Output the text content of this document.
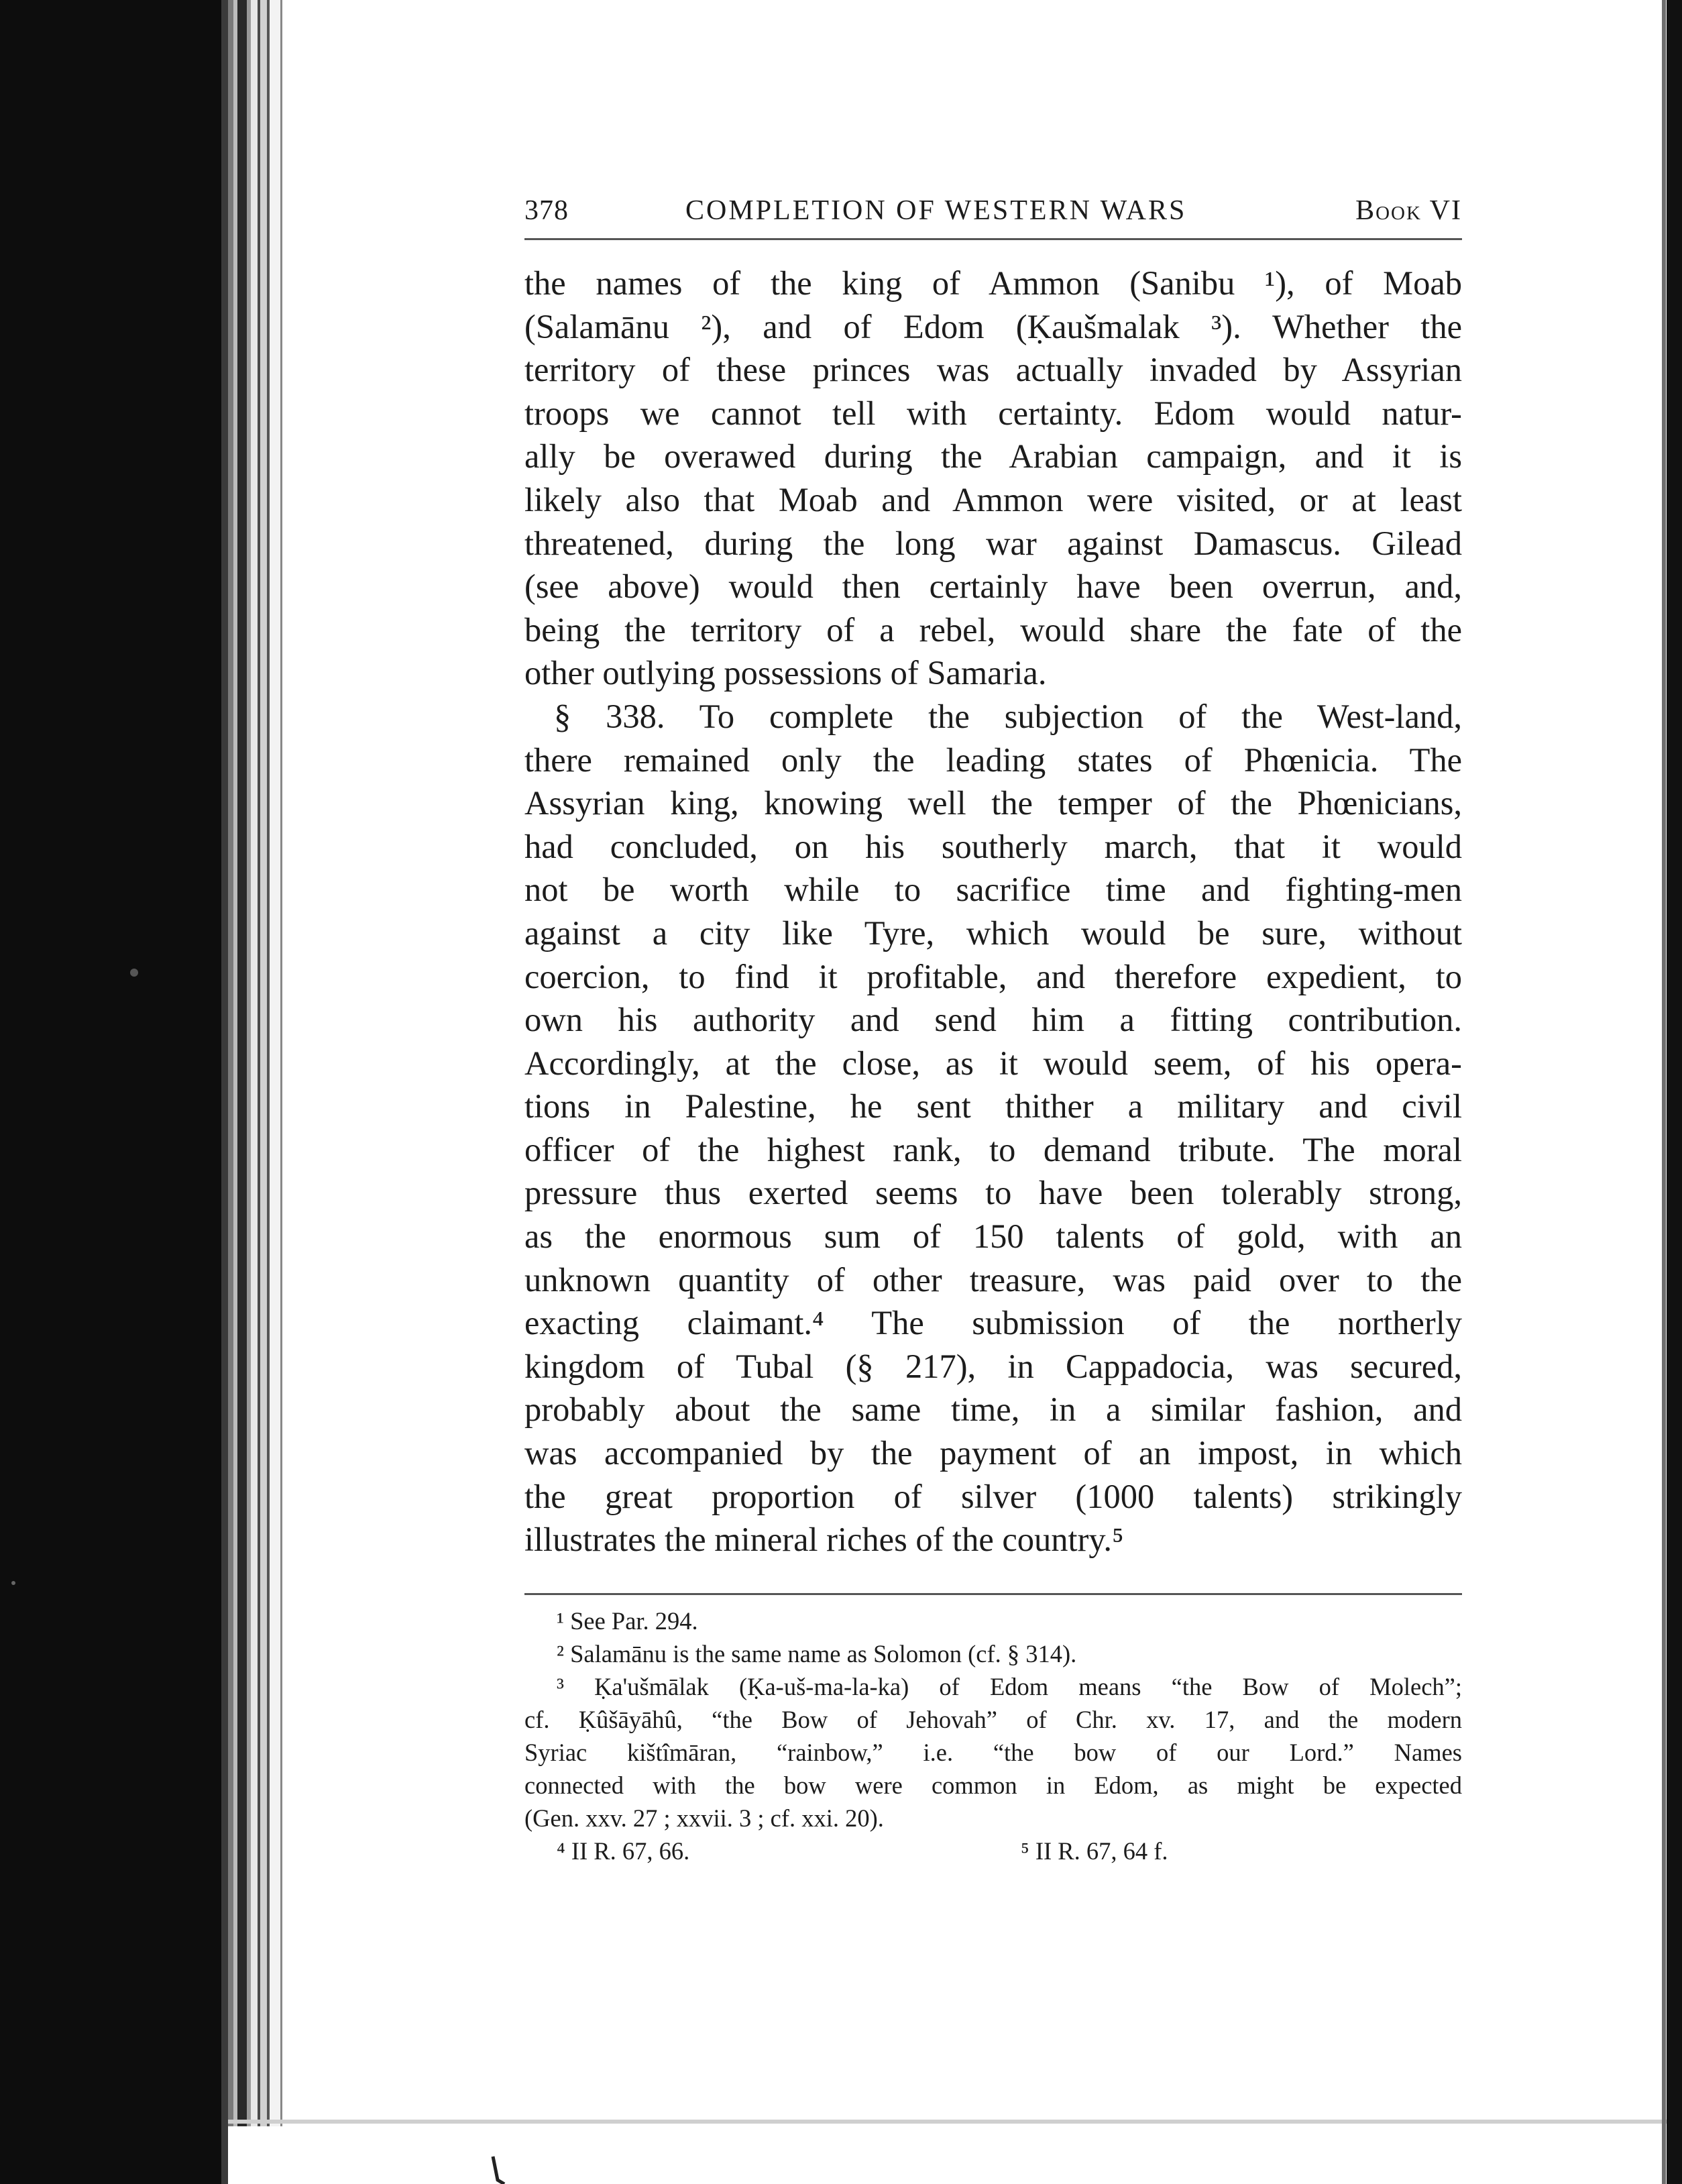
378	COMPLETION OF WESTERN WARS	Book VI
the names of the king of Ammon (Sanibu ¹), of Moab
(Salamānu ²), and of Edom (Ḳaušmalak ³). Whether the
territory of these princes was actually invaded by Assyrian
troops we cannot tell with certainty. Edom would natur-
ally be overawed during the Arabian campaign, and it is
likely also that Moab and Ammon were visited, or at least
threatened, during the long war against Damascus. Gilead
(see above) would then certainly have been overrun, and,
being the territory of a rebel, would share the fate of the
other outlying possessions of Samaria.
§ 338. To complete the subjection of the West-land,
there remained only the leading states of Phœnicia. The
Assyrian king, knowing well the temper of the Phœnicians,
had concluded, on his southerly march, that it would
not be worth while to sacrifice time and fighting-men
against a city like Tyre, which would be sure, without
coercion, to find it profitable, and therefore expedient, to
own his authority and send him a fitting contribution.
Accordingly, at the close, as it would seem, of his opera-
tions in Palestine, he sent thither a military and civil
officer of the highest rank, to demand tribute. The moral
pressure thus exerted seems to have been tolerably strong,
as the enormous sum of 150 talents of gold, with an
unknown quantity of other treasure, was paid over to the
exacting claimant.⁴ The submission of the northerly
kingdom of Tubal (§ 217), in Cappadocia, was secured,
probably about the same time, in a similar fashion, and
was accompanied by the payment of an impost, in which
the great proportion of silver (1000 talents) strikingly
illustrates the mineral riches of the country.⁵
¹ See Par. 294.
² Salamānu is the same name as Solomon (cf. § 314).
³ Ḳa'ušmālak (Ḳa-uš-ma-la-ka) of Edom means “the Bow of Molech”;
cf. Ḳûšāyāhû, “the Bow of Jehovah” of Chr. xv. 17, and the modern
Syriac kištîmāran, “rainbow,” i.e. “the bow of our Lord.” Names
connected with the bow were common in Edom, as might be expected
(Gen. xxv. 27 ; xxvii. 3 ; cf. xxi. 20).
⁴ II R. 67, 66.	⁵ II R. 67, 64 f.
